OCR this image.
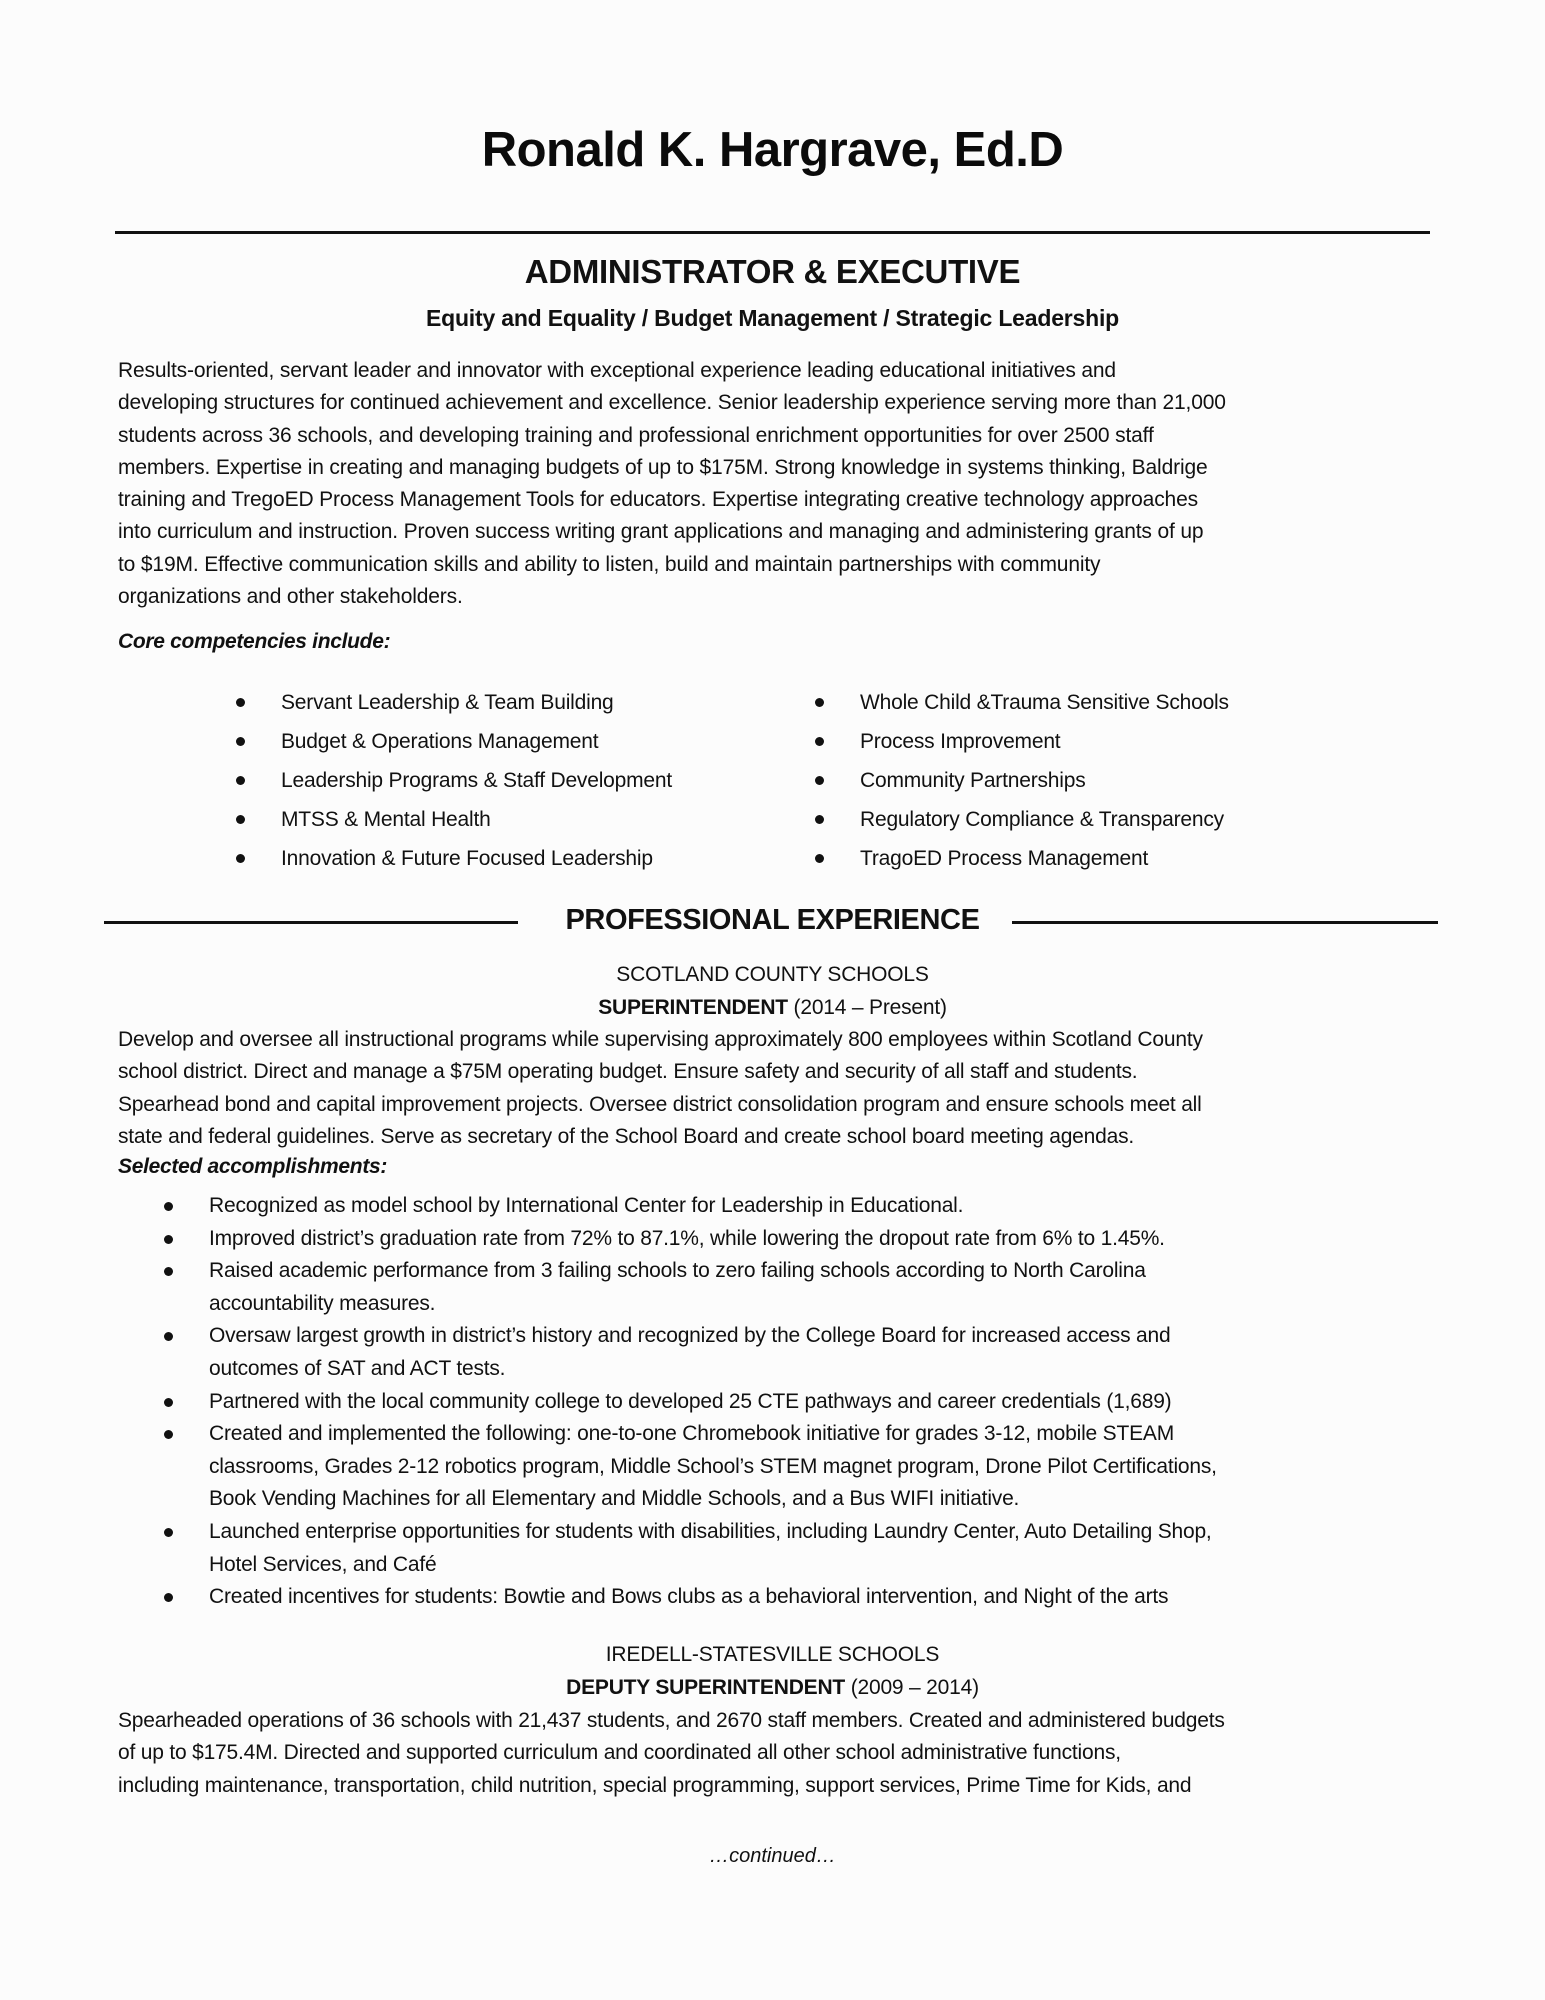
Ronald K. Hargrave, Ed.D
ADMINISTRATOR & EXECUTIVE
Equity and Equality / Budget Management / Strategic Leadership
Results-oriented, servant leader and innovator with exceptional experience leading educational initiatives and
developing structures for continued achievement and excellence. Senior leadership experience serving more than 21,000
students across 36 schools, and developing training and professional enrichment opportunities for over 2500 staff
members. Expertise in creating and managing budgets of up to $175M. Strong knowledge in systems thinking, Baldrige
training and TregoED Process Management Tools for educators. Expertise integrating creative technology approaches
into curriculum and instruction. Proven success writing grant applications and managing and administering grants of up
to $19M. Effective communication skills and ability to listen, build and maintain partnerships with community
organizations and other stakeholders.
Core competencies include:
Servant Leadership & Team Building
Budget & Operations Management
Leadership Programs & Staff Development
MTSS & Mental Health
Innovation & Future Focused Leadership
Whole Child &Trauma Sensitive Schools
Process Improvement
Community Partnerships
Regulatory Compliance & Transparency
TragoED Process Management
PROFESSIONAL EXPERIENCE
SCOTLAND COUNTY SCHOOLS
SUPERINTENDENT (2014 – Present)
Develop and oversee all instructional programs while supervising approximately 800 employees within Scotland County
school district. Direct and manage a $75M operating budget. Ensure safety and security of all staff and students.
Spearhead bond and capital improvement projects. Oversee district consolidation program and ensure schools meet all
state and federal guidelines. Serve as secretary of the School Board and create school board meeting agendas.
Selected accomplishments:
Recognized as model school by International Center for Leadership in Educational.
Improved district’s graduation rate from 72% to 87.1%, while lowering the dropout rate from 6% to 1.45%.
Raised academic performance from 3 failing schools to zero failing schools according to North Carolina
accountability measures.
Oversaw largest growth in district’s history and recognized by the College Board for increased access and
outcomes of SAT and ACT tests.
Partnered with the local community college to developed 25 CTE pathways and career credentials (1,689)
Created and implemented the following: one-to-one Chromebook initiative for grades 3-12, mobile STEAM
classrooms, Grades 2-12 robotics program, Middle School’s STEM magnet program, Drone Pilot Certifications,
Book Vending Machines for all Elementary and Middle Schools, and a Bus WIFI initiative.
Launched enterprise opportunities for students with disabilities, including Laundry Center, Auto Detailing Shop,
Hotel Services, and Café
Created incentives for students: Bowtie and Bows clubs as a behavioral intervention, and Night of the arts
IREDELL-STATESVILLE SCHOOLS
DEPUTY SUPERINTENDENT (2009 – 2014)
Spearheaded operations of 36 schools with 21,437 students, and 2670 staff members. Created and administered budgets
of up to $175.4M. Directed and supported curriculum and coordinated all other school administrative functions,
including maintenance, transportation, child nutrition, special programming, support services, Prime Time for Kids, and
…continued…
